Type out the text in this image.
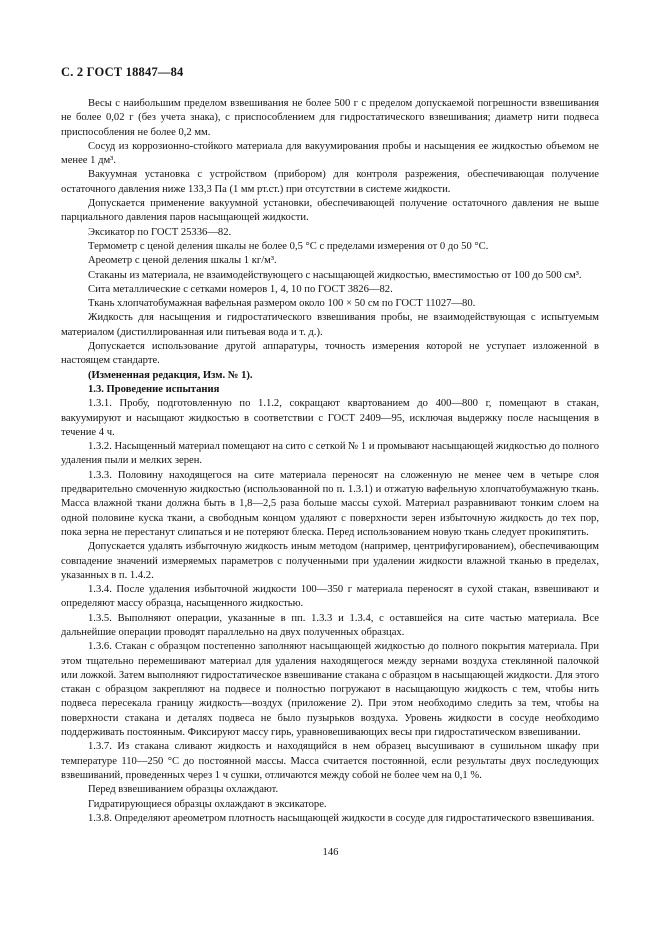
С. 2 ГОСТ 18847—84

Весы с наибольшим пределом взвешивания не более 500 г с пределом допускаемой погрешности взвешивания не более 0,02 г (без учета знака), с приспособлением для гидростатического взвешивания; диаметр нити подвеса приспособления не более 0,2 мм.

Сосуд из коррозионно-стойкого материала для вакуумирования пробы и насыщения ее жидкостью объемом не менее 1 дм³.

Вакуумная установка с устройством (прибором) для контроля разрежения, обеспечивающая получение остаточного давления ниже 133,3 Па (1 мм рт.ст.) при отсутствии в системе жидкости.

Допускается применение вакуумной установки, обеспечивающей получение остаточного давления не выше парциального давления паров насыщающей жидкости.

Эксикатор по ГОСТ 25336—82.

Термометр с ценой деления шкалы не более 0,5 °С с пределами измерения от 0 до 50 °С.

Ареометр с ценой деления шкалы 1 кг/м³.

Стаканы из материала, не взаимодействующего с насыщающей жидкостью, вместимостью от 100 до 500 см³.

Сита металлические с сетками номеров 1, 4, 10 по ГОСТ 3826—82.

Ткань хлопчатобумажная вафельная размером около 100 × 50 см по ГОСТ 11027—80.

Жидкость для насыщения и гидростатического взвешивания пробы, не взаимодействующая с испытуемым материалом (дистиллированная или питьевая вода и т. д.).

Допускается использование другой аппаратуры, точность измерения которой не уступает изложенной в настоящем стандарте.

(Измененная редакция, Изм. № 1).

1.3. Проведение испытания

1.3.1. Пробу, подготовленную по 1.1.2, сокращают квартованием до 400—800 г, помещают в стакан, вакуумируют и насыщают жидкостью в соответствии с ГОСТ 2409—95, исключая выдержку после насыщения в течение 4 ч.

1.3.2. Насыщенный материал помещают на сито с сеткой № 1 и промывают насыщающей жидкостью до полного удаления пыли и мелких зерен.

1.3.3. Половину находящегося на сите материала переносят на сложенную не менее чем в четыре слоя предварительно смоченную жидкостью (использованной по п. 1.3.1) и отжатую вафельную хлопчатобумажную ткань. Масса влажной ткани должна быть в 1,8—2,5 раза больше массы сухой. Материал разравнивают тонким слоем на одной половине куска ткани, а свободным концом удаляют с поверхности зерен избыточную жидкость до тех пор, пока зерна не перестанут слипаться и не потеряют блеска. Перед использованием новую ткань следует прокипятить.

Допускается удалять избыточную жидкость иным методом (например, центрифугированием), обеспечивающим совпадение значений измеряемых параметров с полученными при удалении жидкости влажной тканью в пределах, указанных в п. 1.4.2.

1.3.4. После удаления избыточной жидкости 100—350 г материала переносят в сухой стакан, взвешивают и определяют массу образца, насыщенного жидкостью.

1.3.5. Выполняют операции, указанные в пп. 1.3.3 и 1.3.4, с оставшейся на сите частью материала. Все дальнейшие операции проводят параллельно на двух полученных образцах.

1.3.6. Стакан с образцом постепенно заполняют насыщающей жидкостью до полного покрытия материала. При этом тщательно перемешивают материал для удаления находящегося между зернами воздуха стеклянной палочкой или ложкой. Затем выполняют гидростатическое взвешивание стакана с образцом в насыщающей жидкости. Для этого стакан с образцом закрепляют на подвесе и полностью погружают в насыщающую жидкость с тем, чтобы нить подвеса пересекала границу жидкость—воздух (приложение 2). При этом необходимо следить за тем, чтобы на поверхности стакана и деталях подвеса не было пузырьков воздуха. Уровень жидкости в сосуде необходимо поддерживать постоянным. Фиксируют массу гирь, уравновешивающих весы при гидростатическом взвешивании.

1.3.7. Из стакана сливают жидкость и находящийся в нем образец высушивают в сушильном шкафу при температуре 110—250 °С до постоянной массы. Масса считается постоянной, если результаты двух последующих взвешиваний, проведенных через 1 ч сушки, отличаются между собой не более чем на 0,1 %.

Перед взвешиванием образцы охлаждают.

Гидратирующиеся образцы охлаждают в эксикаторе.

1.3.8. Определяют ареометром плотность насыщающей жидкости в сосуде для гидростатического взвешивания.

146
